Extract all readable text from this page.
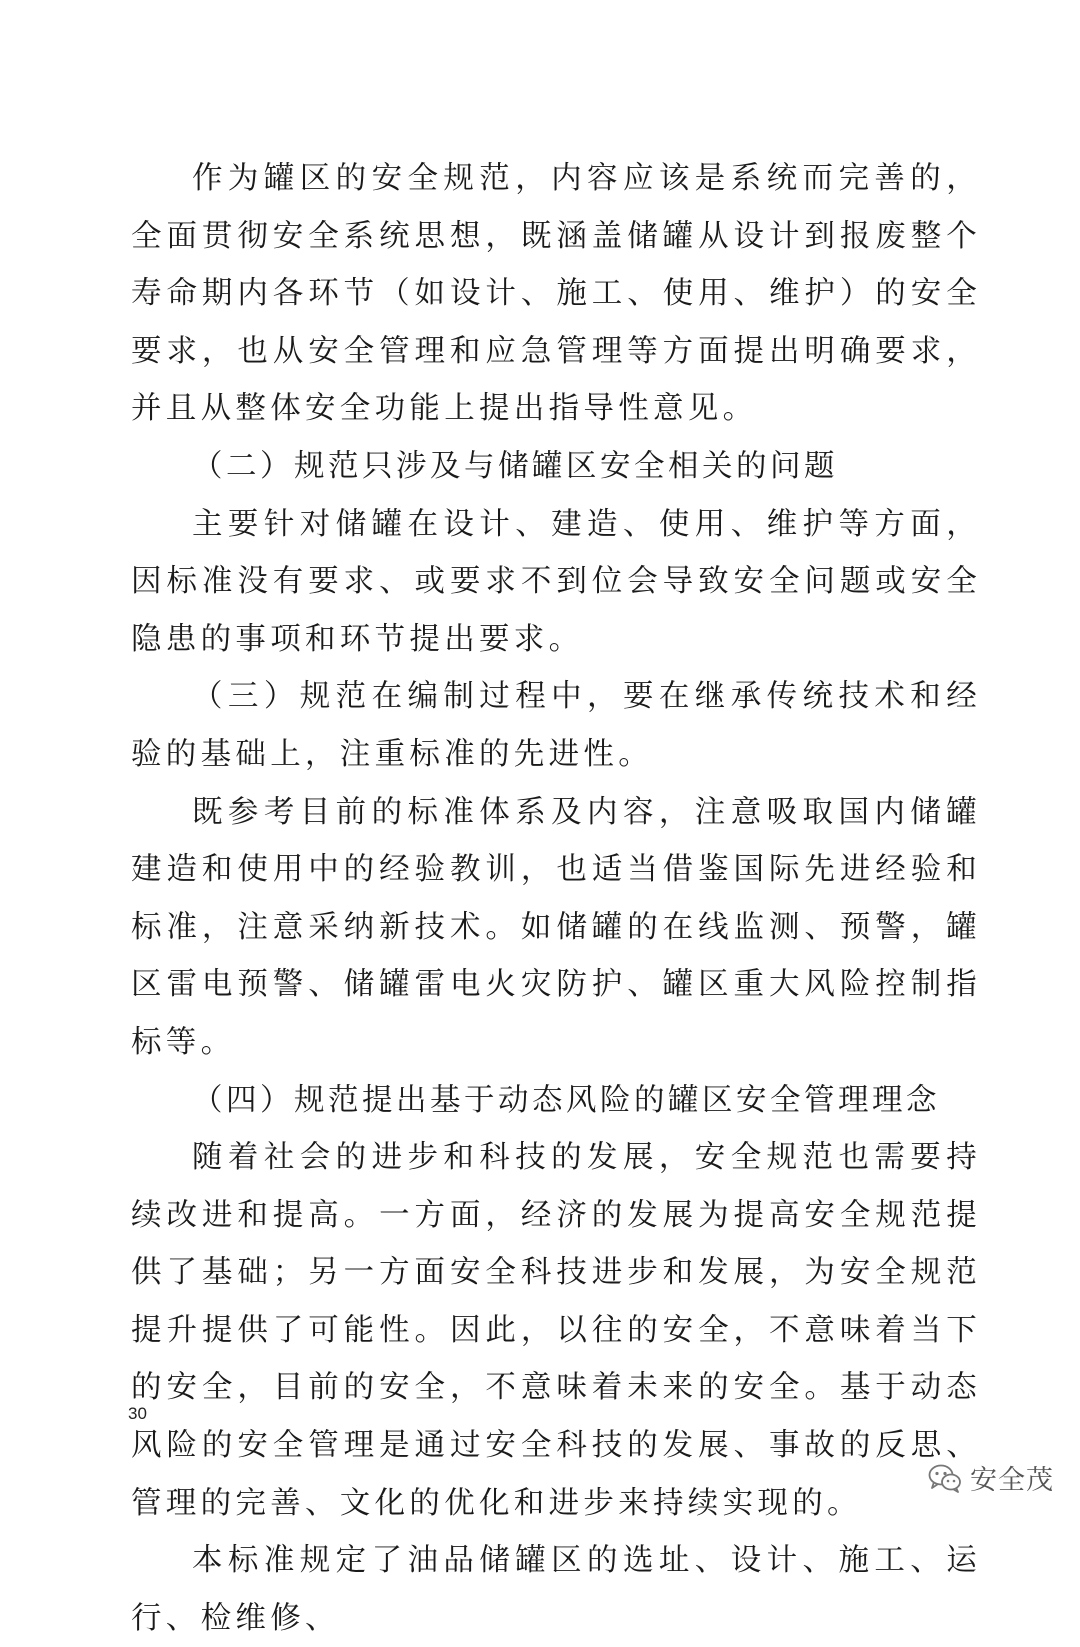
作为罐区的安全规范，内容应该是系统而完善的，全面贯彻安全系统思想，既涵盖储罐从设计到报废整个寿命期内各环节（如设计、施工、使用、维护）的安全要求，也从安全管理和应急管理等方面提出明确要求，并且从整体安全功能上提出指导性意见。

（二）规范只涉及与储罐区安全相关的问题

主要针对储罐在设计、建造、使用、维护等方面，因标准没有要求、或要求不到位会导致安全问题或安全隐患的事项和环节提出要求。

（三）规范在编制过程中，要在继承传统技术和经验的基础上，注重标准的先进性。

既参考目前的标准体系及内容，注意吸取国内储罐建造和使用中的经验教训，也适当借鉴国际先进经验和标准，注意采纳新技术。如储罐的在线监测、预警，罐区雷电预警、储罐雷电火灾防护、罐区重大风险控制指标等。

（四）规范提出基于动态风险的罐区安全管理理念

随着社会的进步和科技的发展，安全规范也需要持续改进和提高。一方面，经济的发展为提高安全规范提供了基础；另一方面安全科技进步和发展，为安全规范提升提供了可能性。因此，以往的安全，不意味着当下的安全，目前的安全，不意味着未来的安全。基于动态风险的安全管理是通过安全科技的发展、事故的反思、管理的完善、文化的优化和进步来持续实现的。

本标准规定了油品储罐区的选址、设计、施工、运行、检维修、

30
安全茂
